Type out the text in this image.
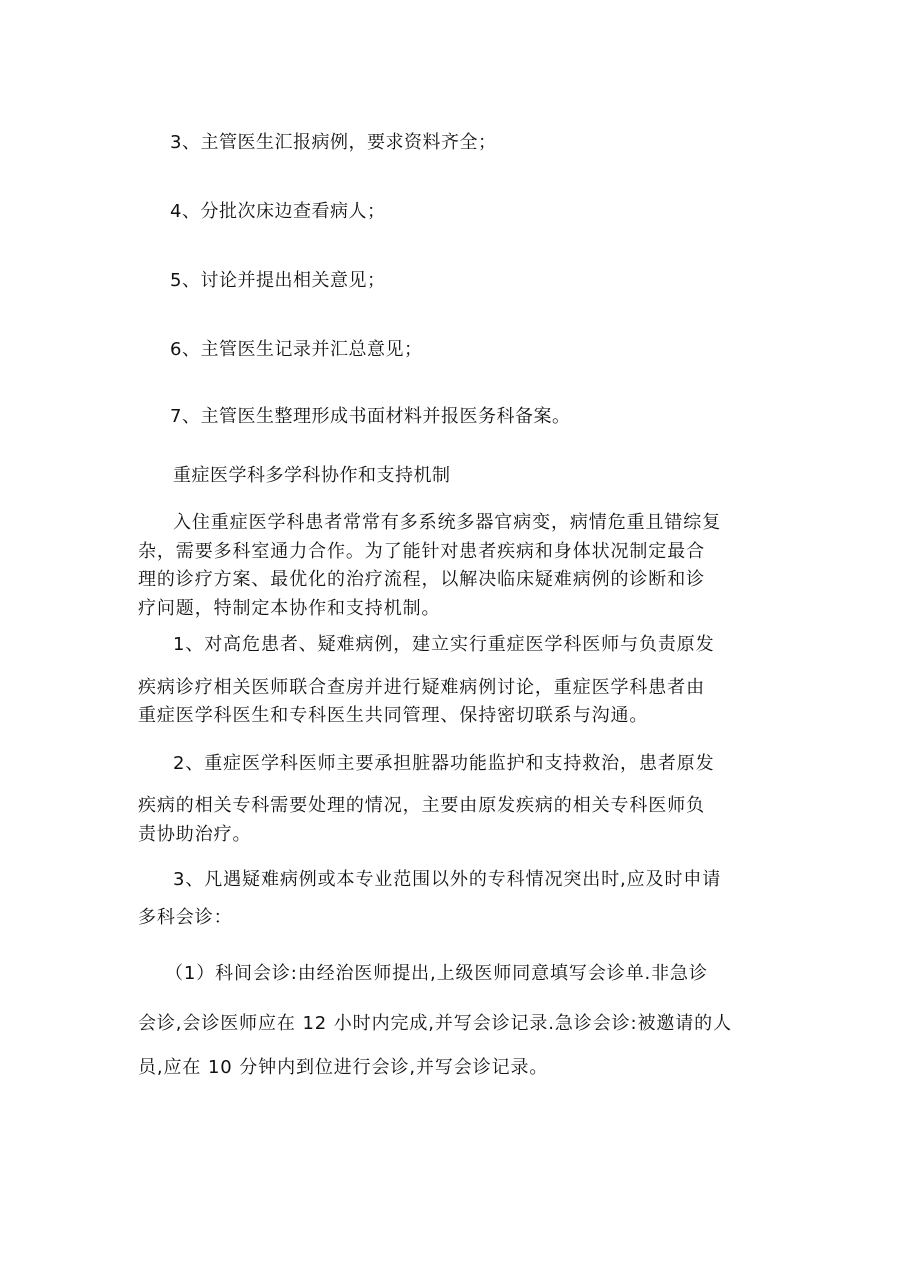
3、主管医生汇报病例，要求资料齐全；
4、分批次床边查看病人；
5、讨论并提出相关意见；
6、主管医生记录并汇总意见；
7、主管医生整理形成书面材料并报医务科备案。
重症医学科多学科协作和支持机制
入住重症医学科患者常常有多系统多器官病变，病情危重且错综复
杂，需要多科室通力合作。为了能针对患者疾病和身体状况制定最合
理的诊疗方案、最优化的治疗流程，以解决临床疑难病例的诊断和诊
疗问题，特制定本协作和支持机制。
1、对高危患者、疑难病例，建立实行重症医学科医师与负责原发
疾病诊疗相关医师联合查房并进行疑难病例讨论，重症医学科患者由
重症医学科医生和专科医生共同管理、保持密切联系与沟通。
2、重症医学科医师主要承担脏器功能监护和支持救治，患者原发
疾病的相关专科需要处理的情况，主要由原发疾病的相关专科医师负
责协助治疗。
3、凡遇疑难病例或本专业范围以外的专科情况突出时,应及时申请
多科会诊：
（1）科间会诊:由经治医师提出,上级医师同意填写会诊单.非急诊
会诊,会诊医师应在 12 小时内完成,并写会诊记录.急诊会诊:被邀请的人
员,应在 10 分钟内到位进行会诊,并写会诊记录。
